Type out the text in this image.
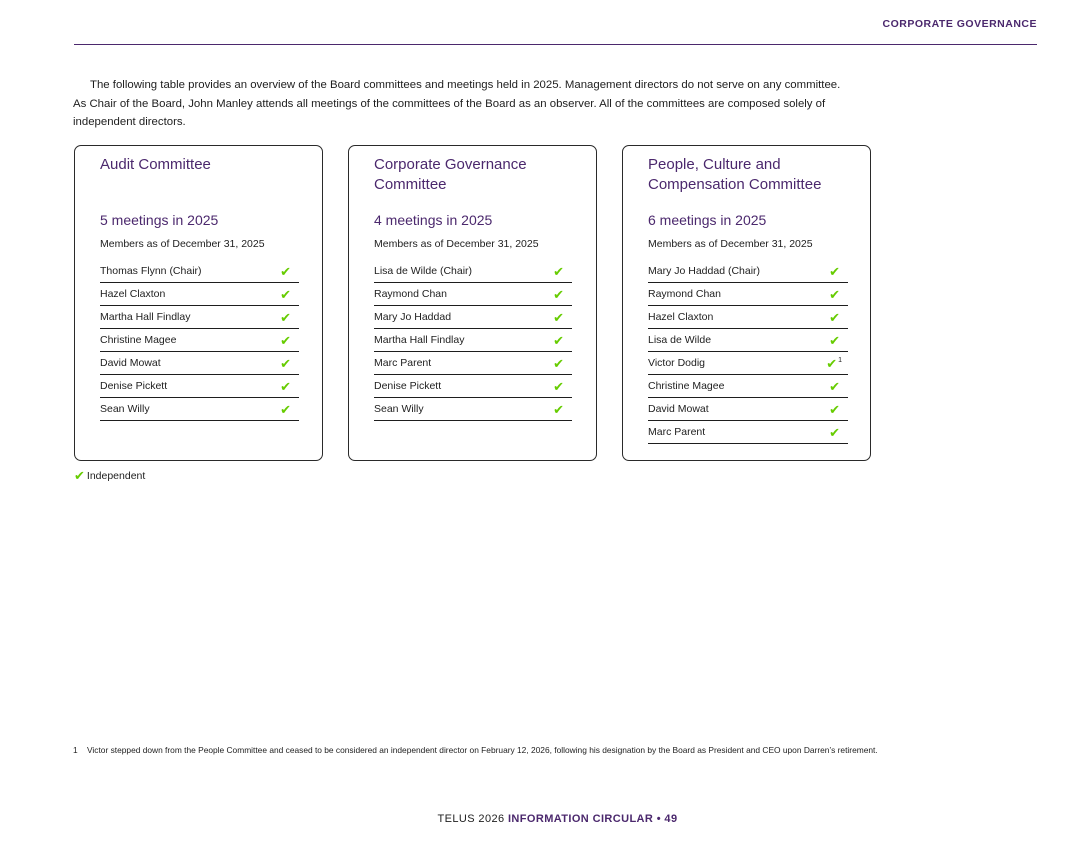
CORPORATE GOVERNANCE

The following table provides an overview of the Board committees and meetings held in 2025. Management directors do not serve on any committee. As Chair of the Board, John Manley attends all meetings of the committees of the Board as an observer. All of the committees are composed solely of independent directors.

Audit Committee
5 meetings in 2025
Members as of December 31, 2025
Thomas Flynn (Chair)	✔
Hazel Claxton	✔
Martha Hall Findlay	✔
Christine Magee	✔
David Mowat	✔
Denise Pickett	✔
Sean Willy	✔
Corporate Governance Committee
4 meetings in 2025
Members as of December 31, 2025
Lisa de Wilde (Chair)	✔
Raymond Chan	✔
Mary Jo Haddad	✔
Martha Hall Findlay	✔
Marc Parent	✔
Denise Pickett	✔
Sean Willy	✔
People, Culture and Compensation Committee
6 meetings in 2025
Members as of December 31, 2025
Mary Jo Haddad (Chair)	✔
Raymond Chan	✔
Hazel Claxton	✔
Lisa de Wilde	✔
Victor Dodig	✔$^1$
Christine Magee	✔
David Mowat	✔
Marc Parent	✔
✔ Independent
1	Victor stepped down from the People Committee and ceased to be considered an independent director on February 12, 2026, following his designation by the Board as President and CEO upon Darren’s retirement.
TELUS 2026 INFORMATION CIRCULAR • 49
